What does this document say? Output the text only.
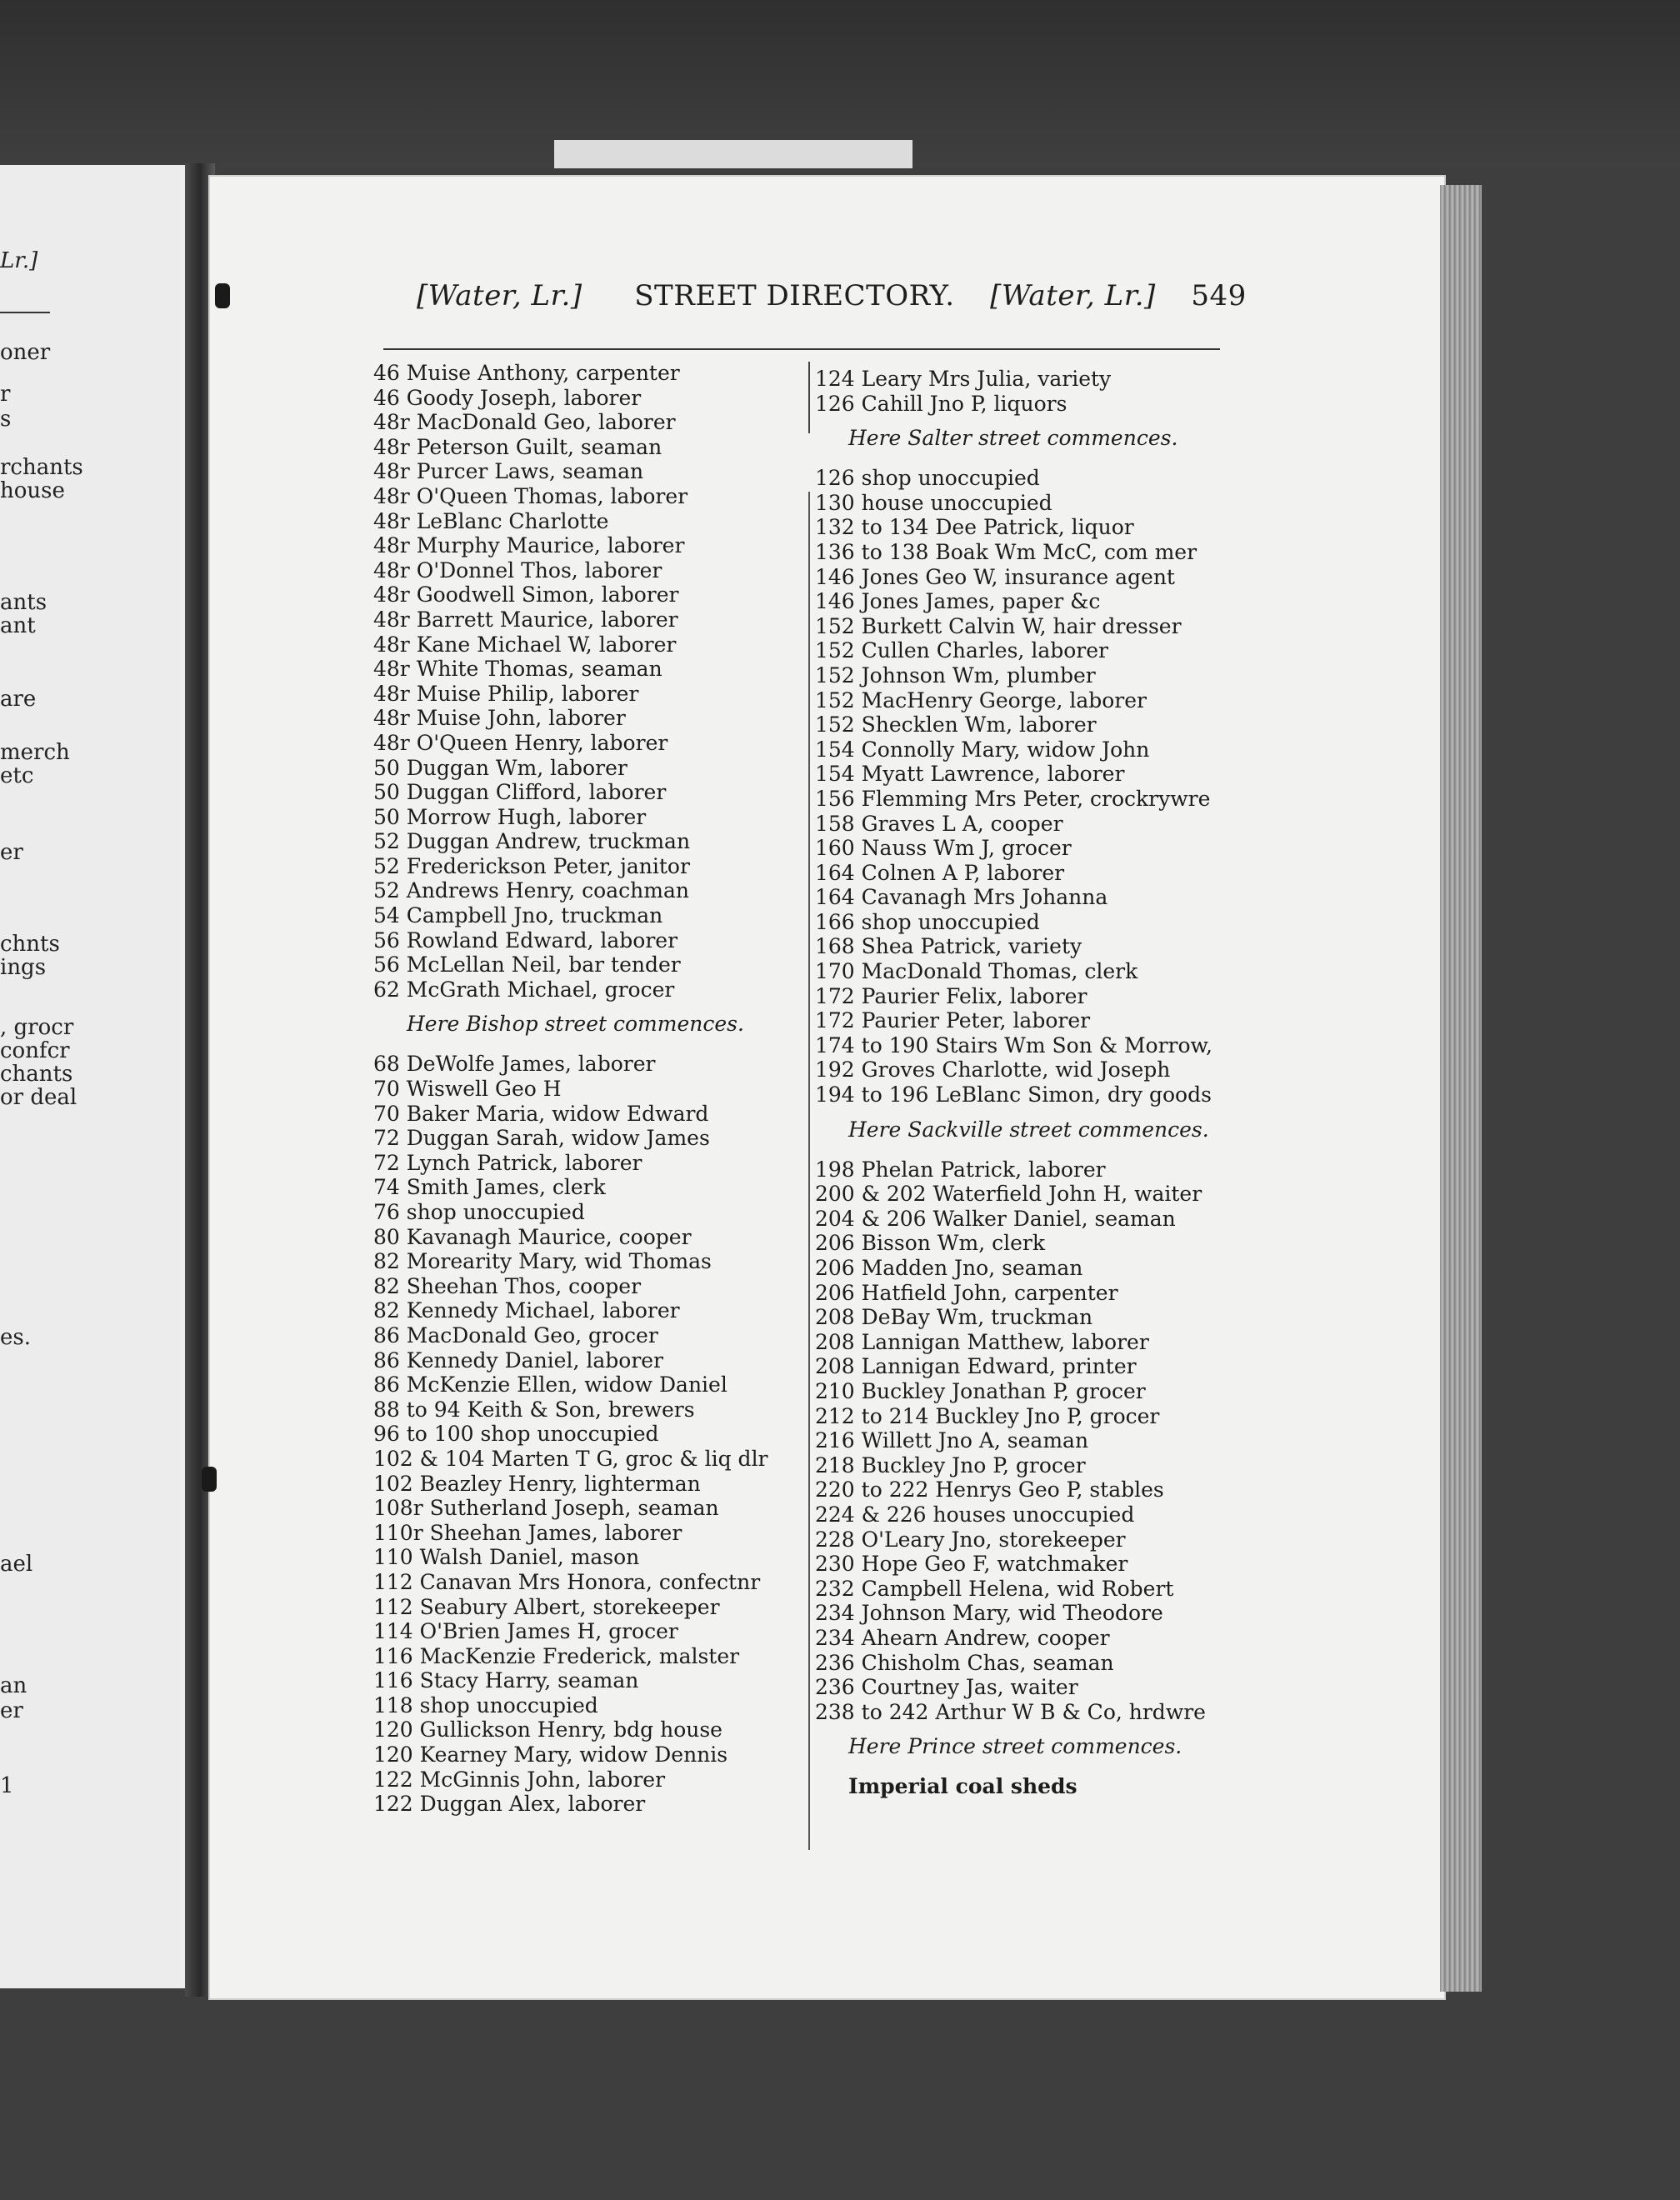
Lr.]
oner
r
s
rchants
house
ants
ant
are
merch
etc
er
chnts
ings
, grocr
confcr
chants
or deal
es.
ael
an
er
1
[Water, Lr.] STREET DIRECTORY. [Water, Lr.] 549
46 Muise Anthony, carpenter
46 Goody Joseph, laborer
48r MacDonald Geo, laborer
48r Peterson Guilt, seaman
48r Purcer Laws, seaman
48r O'Queen Thomas, laborer
48r LeBlanc Charlotte
48r Murphy Maurice, laborer
48r O'Donnel Thos, laborer
48r Goodwell Simon, laborer
48r Barrett Maurice, laborer
48r Kane Michael W, laborer
48r White Thomas, seaman
48r Muise Philip, laborer
48r Muise John, laborer
48r O'Queen Henry, laborer
50 Duggan Wm, laborer
50 Duggan Clifford, laborer
50 Morrow Hugh, laborer
52 Duggan Andrew, truckman
52 Frederickson Peter, janitor
52 Andrews Henry, coachman
54 Campbell Jno, truckman
56 Rowland Edward, laborer
56 McLellan Neil, bar tender
62 McGrath Michael, grocer
Here Bishop street commences.
68 DeWolfe James, laborer
70 Wiswell Geo H
70 Baker Maria, widow Edward
72 Duggan Sarah, widow James
72 Lynch Patrick, laborer
74 Smith James, clerk
76 shop unoccupied
80 Kavanagh Maurice, cooper
82 Morearity Mary, wid Thomas
82 Sheehan Thos, cooper
82 Kennedy Michael, laborer
86 MacDonald Geo, grocer
86 Kennedy Daniel, laborer
86 McKenzie Ellen, widow Daniel
88 to 94 Keith & Son, brewers
96 to 100 shop unoccupied
102 & 104 Marten T G, groc & liq dlr
102 Beazley Henry, lighterman
108r Sutherland Joseph, seaman
110r Sheehan James, laborer
110 Walsh Daniel, mason
112 Canavan Mrs Honora, confectnr
112 Seabury Albert, storekeeper
114 O'Brien James H, grocer
116 MacKenzie Frederick, malster
116 Stacy Harry, seaman
118 shop unoccupied
120 Gullickson Henry, bdg house
120 Kearney Mary, widow Dennis
122 McGinnis John, laborer
122 Duggan Alex, laborer
124 Leary Mrs Julia, variety
126 Cahill Jno P, liquors
Here Salter street commences.
126 shop unoccupied
130 house unoccupied
132 to 134 Dee Patrick, liquor
136 to 138 Boak Wm McC, com mer
146 Jones Geo W, insurance agent
146 Jones James, paper &c
152 Burkett Calvin W, hair dresser
152 Cullen Charles, laborer
152 Johnson Wm, plumber
152 MacHenry George, laborer
152 Shecklen Wm, laborer
154 Connolly Mary, widow John
154 Myatt Lawrence, laborer
156 Flemming Mrs Peter, crockrywre
158 Graves L A, cooper
160 Nauss Wm J, grocer
164 Colnen A P, laborer
164 Cavanagh Mrs Johanna
166 shop unoccupied
168 Shea Patrick, variety
170 MacDonald Thomas, clerk
172 Paurier Felix, laborer
172 Paurier Peter, laborer
174 to 190 Stairs Wm Son & Morrow,
192 Groves Charlotte, wid Joseph
194 to 196 LeBlanc Simon, dry goods
Here Sackville street commences.
198 Phelan Patrick, laborer
200 & 202 Waterfield John H, waiter
204 & 206 Walker Daniel, seaman
206 Bisson Wm, clerk
206 Madden Jno, seaman
206 Hatfield John, carpenter
208 DeBay Wm, truckman
208 Lannigan Matthew, laborer
208 Lannigan Edward, printer
210 Buckley Jonathan P, grocer
212 to 214 Buckley Jno P, grocer
216 Willett Jno A, seaman
218 Buckley Jno P, grocer
220 to 222 Henrys Geo P, stables
224 & 226 houses unoccupied
228 O'Leary Jno, storekeeper
230 Hope Geo F, watchmaker
232 Campbell Helena, wid Robert
234 Johnson Mary, wid Theodore
234 Ahearn Andrew, cooper
236 Chisholm Chas, seaman
236 Courtney Jas, waiter
238 to 242 Arthur W B & Co, hrdwre
Here Prince street commences.
Imperial coal sheds
